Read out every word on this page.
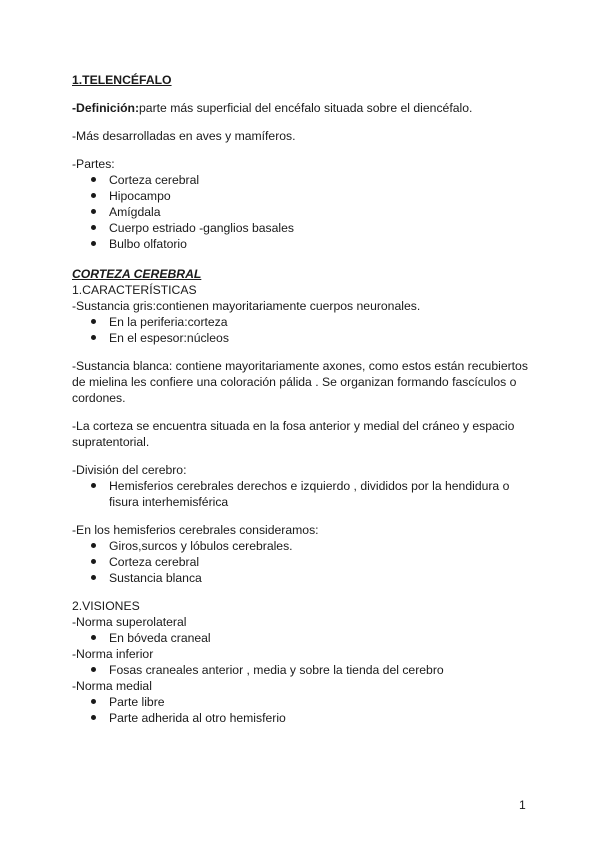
1.TELENCÉFALO

-Definición:parte más superficial del encéfalo situada sobre el diencéfalo.

-Más desarrolladas en aves y mamíferos.

-Partes:

Corteza cerebral
Hipocampo
Amígdala
Cuerpo estriado -ganglios basales
Bulbo olfatorio

CORTEZA CEREBRAL

1.CARACTERÍSTICAS

-Sustancia gris:contienen mayoritariamente cuerpos neuronales.

En la periferia:corteza
En el espesor:núcleos

-Sustancia blanca: contiene mayoritariamente axones, como estos están recubiertos

de mielina les confiere una coloración pálida . Se organizan formando fascículos o

cordones.

-La corteza se encuentra situada en la fosa anterior y medial del cráneo y espacio

supratentorial.

-División del cerebro:

Hemisferios cerebrales derechos e izquierdo , divididos por la hendidura o
fisura interhemisférica

-En los hemisferios cerebrales consideramos:

Giros,surcos y lóbulos cerebrales.
Corteza cerebral
Sustancia blanca

2.VISIONES

-Norma superolateral

En bóveda craneal

-Norma inferior

Fosas craneales anterior , media y sobre la tienda del cerebro

-Norma medial

Parte libre
Parte adherida al otro hemisferio
1
